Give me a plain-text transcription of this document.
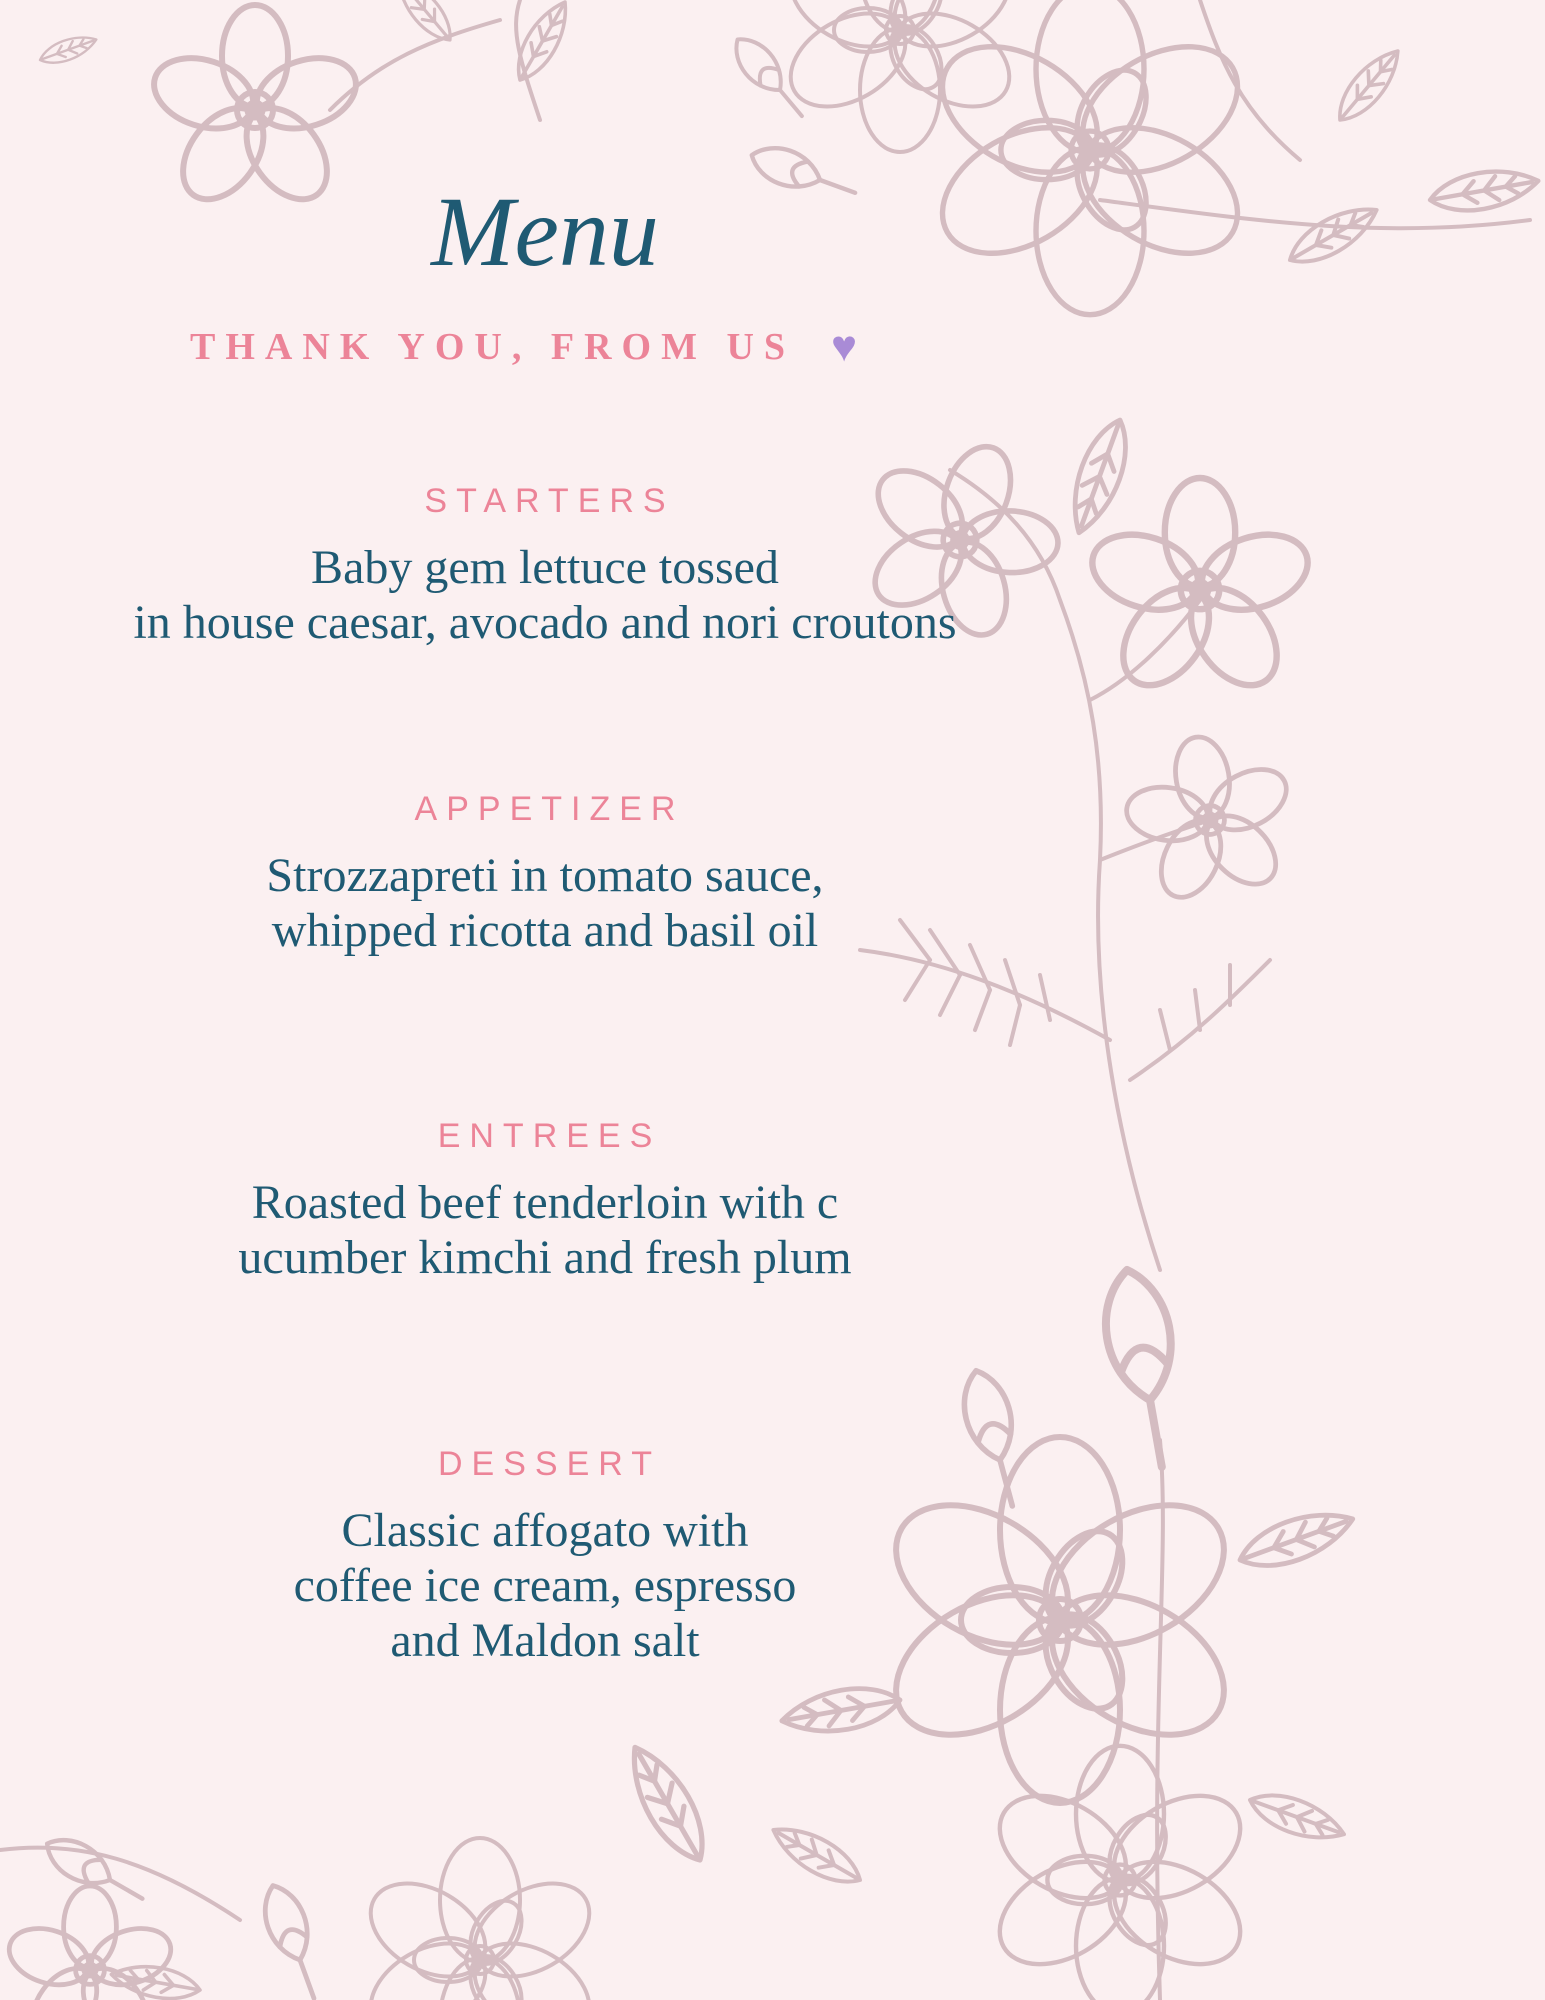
Menu
THANK YOU, FROM US ♥
STARTERS
Baby gem lettuce tossed
in house caesar, avocado and nori croutons
APPETIZER
Strozzapreti in tomato sauce,
whipped ricotta and basil oil
ENTREES
Roasted beef tenderloin with c
ucumber kimchi and fresh plum
DESSERT
Classic affogato with
coffee ice cream, espresso
and Maldon salt
